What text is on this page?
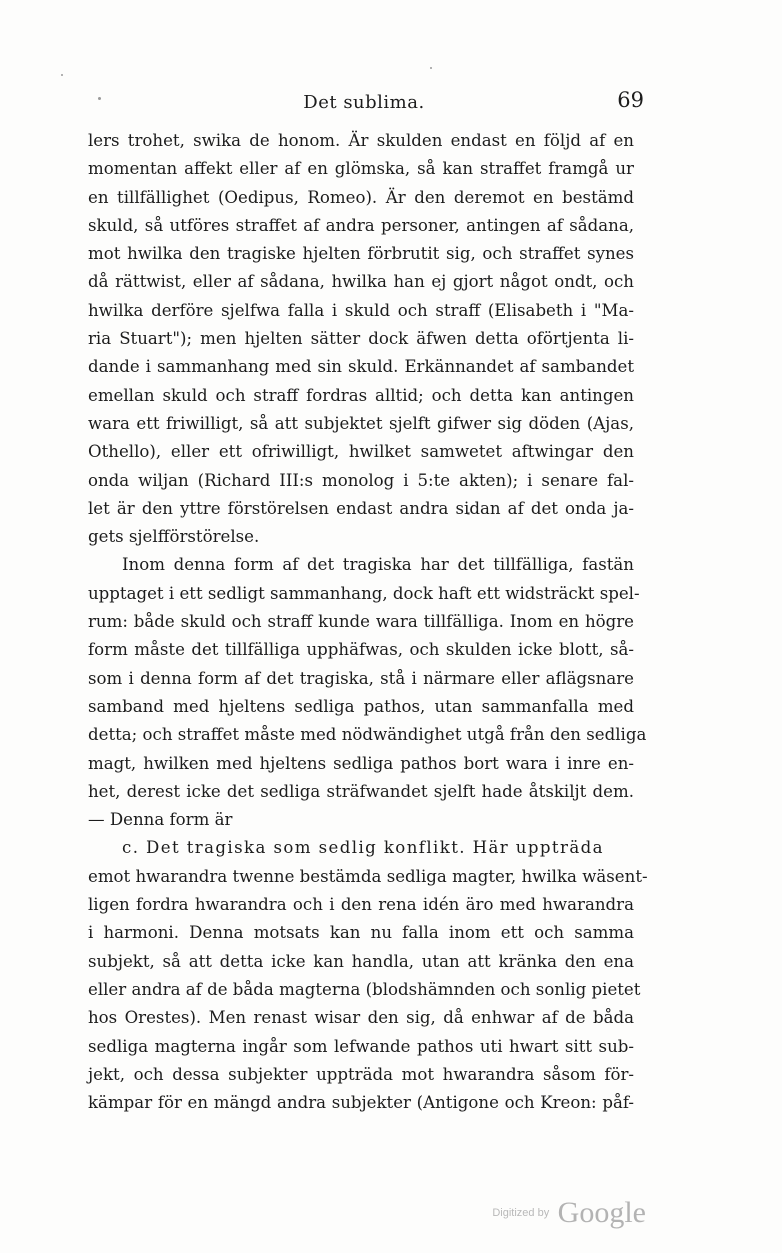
Det sublima.	69
lers trohet, swika de honom. Är skulden endast en följd af en
momentan affekt eller af en glömska, så kan straffet framgå ur
en tillfällighet (Oedipus, Romeo). Är den deremot en bestämd
skuld, så utföres straffet af andra personer, antingen af sådana,
mot hwilka den tragiske hjelten förbrutit sig, och straffet synes
då rättwist, eller af sådana, hwilka han ej gjort något ondt, och
hwilka derföre sjelfwa falla i skuld och straff (Elisabeth i "Ma-
ria Stuart"); men hjelten sätter dock äfwen detta oförtjenta li-
dande i sammanhang med sin skuld. Erkännandet af sambandet
emellan skuld och straff fordras alltid; och detta kan antingen
wara ett friwilligt, så att subjektet sjelft gifwer sig döden (Ajas,
Othello), eller ett ofriwilligt, hwilket samwetet aftwingar den
onda wiljan (Richard III:s monolog i 5:te akten); i senare fal-
let är den yttre förstörelsen endast andra sidan af det onda ja-
gets sjelfförstörelse.
Inom denna form af det tragiska har det tillfälliga, fastän
upptaget i ett sedligt sammanhang, dock haft ett widsträckt spel-
rum: både skuld och straff kunde wara tillfälliga. Inom en högre
form måste det tillfälliga upphäfwas, och skulden icke blott, så-
som i denna form af det tragiska, stå i närmare eller aflägsnare
samband med hjeltens sedliga pathos, utan sammanfalla med
detta; och straffet måste med nödwändighet utgå från den sedliga
magt, hwilken med hjeltens sedliga pathos bort wara i inre en-
het, derest icke det sedliga sträfwandet sjelft hade åtskiljt dem.
— Denna form är
c. Det tragiska som sedlig konflikt. Här uppträda
emot hwarandra twenne bestämda sedliga magter, hwilka wäsent-
ligen fordra hwarandra och i den rena idén äro med hwarandra
i harmoni. Denna motsats kan nu falla inom ett och samma
subjekt, så att detta icke kan handla, utan att kränka den ena
eller andra af de båda magterna (blodshämnden och sonlig pietet
hos Orestes). Men renast wisar den sig, då enhwar af de båda
sedliga magterna ingår som lefwande pathos uti hwart sitt sub-
jekt, och dessa subjekter uppträda mot hwarandra såsom för-
kämpar för en mängd andra subjekter (Antigone och Kreon: påf-
Digitized by Google
